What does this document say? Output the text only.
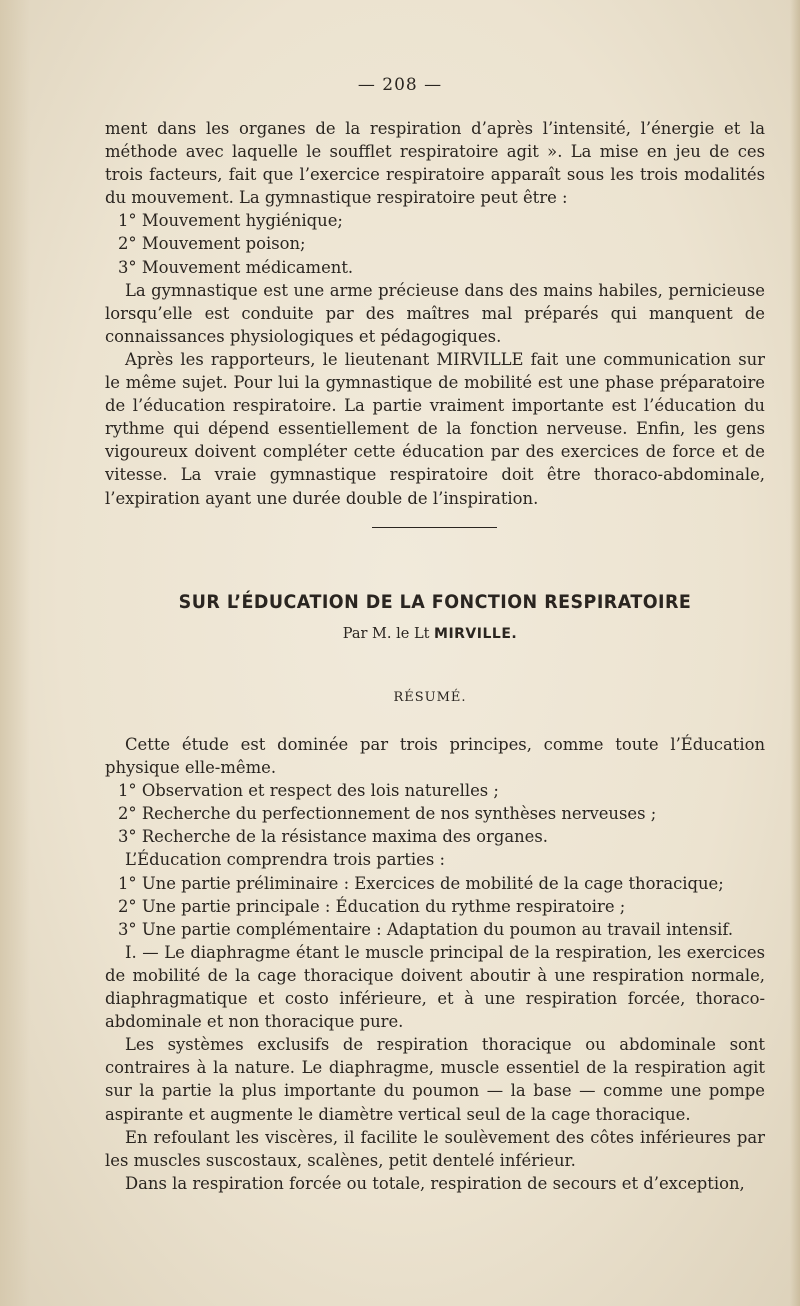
— 208 —

ment dans les organes de la respiration d’après l’intensité, l’énergie et la méthode avec laquelle le soufflet respiratoire agit ». La mise en jeu de ces trois facteurs, fait que l’exercice respiratoire apparaît sous les trois modalités du mouvement. La gymnastique respiratoire peut être :

1° Mouvement hygiénique;

2° Mouvement poison;

3° Mouvement médicament.

La gymnastique est une arme précieuse dans des mains habiles, pernicieuse lorsqu’elle est conduite par des maîtres mal préparés qui manquent de connaissances physiologiques et pédagogiques.

Après les rapporteurs, le lieutenant MIRVILLE fait une communication sur le même sujet. Pour lui la gymnastique de mobilité est une phase préparatoire de l’éducation respiratoire. La partie vraiment importante est l’éducation du rythme qui dépend essentiellement de la fonction nerveuse. Enfin, les gens vigoureux doivent compléter cette éducation par des exercices de force et de vitesse. La vraie gymnastique respiratoire doit être thoraco-abdominale, l’expiration ayant une durée double de l’inspiration.

SUR L’ÉDUCATION DE LA FONCTION RESPIRATOIRE
Par M. le Lt MIRVILLE.
RÉSUMÉ.

Cette étude est dominée par trois principes, comme toute l’Éducation physique elle-même.

1° Observation et respect des lois naturelles ;

2° Recherche du perfectionnement de nos synthèses nerveuses ;

3° Recherche de la résistance maxima des organes.

L’Éducation comprendra trois parties :

1° Une partie préliminaire : Exercices de mobilité de la cage thoracique;

2° Une partie principale : Éducation du rythme respiratoire ;

3° Une partie complémentaire : Adaptation du poumon au travail intensif.

I. — Le diaphragme étant le muscle principal de la respiration, les exercices de mobilité de la cage thoracique doivent aboutir à une respiration normale, diaphragmatique et costo inférieure, et à une respiration forcée, thoraco-abdominale et non thoracique pure.

Les systèmes exclusifs de respiration thoracique ou abdominale sont contraires à la nature. Le diaphragme, muscle essentiel de la respiration agit sur la partie la plus importante du poumon — la base — comme une pompe aspirante et augmente le diamètre vertical seul de la cage thoracique.

En refoulant les viscères, il facilite le soulèvement des côtes inférieures par les muscles suscostaux, scalènes, petit dentelé inférieur.

Dans la respiration forcée ou totale, respiration de secours et d’exception,
